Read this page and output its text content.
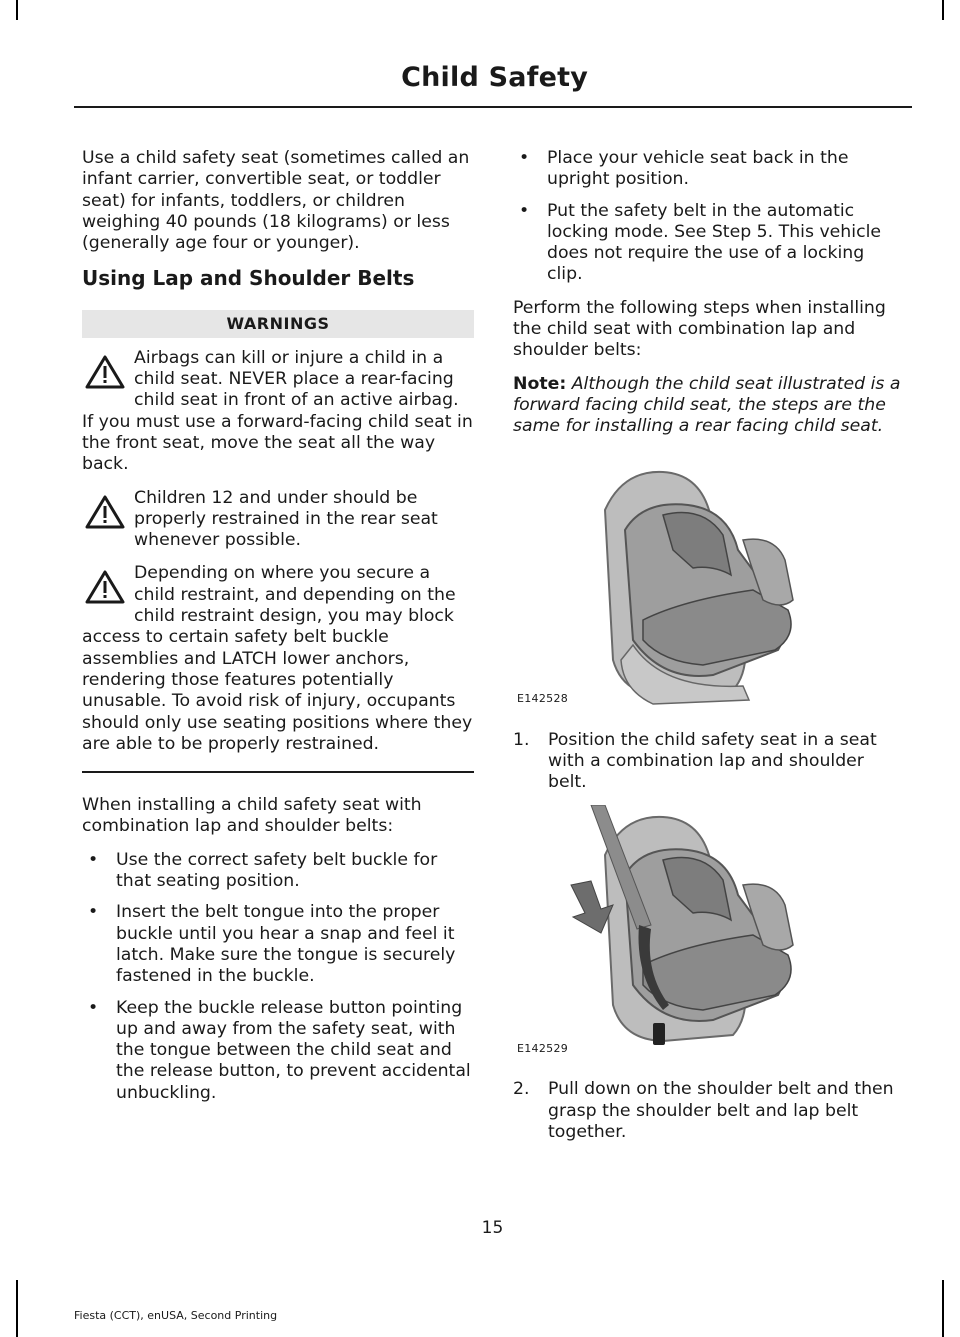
Child Safety

Use a child safety seat (sometimes called an infant carrier, convertible seat, or toddler seat) for infants, toddlers, or children weighing 40 pounds (18 kilograms) or less (generally age four or younger).

Using Lap and Shoulder Belts
WARNINGS
Airbags can kill or injure a child in a child seat. NEVER place a rear-facing child seat in front of an active airbag. If you must use a forward-facing child seat in the front seat, move the seat all the way back.
Children 12 and under should be properly restrained in the rear seat whenever possible.
Depending on where you secure a child restraint, and depending on the child restraint design, you may block access to certain safety belt buckle assemblies and LATCH lower anchors, rendering those features potentially unusable. To avoid risk of injury, occupants should only use seating positions where they are able to be properly restrained.

When installing a child safety seat with combination lap and shoulder belts:

• Use the correct safety belt buckle for that seating position.
• Insert the belt tongue into the proper buckle until you hear a snap and feel it latch. Make sure the tongue is securely fastened in the buckle.
• Keep the buckle release button pointing up and away from the safety seat, with the tongue between the child seat and the release button, to prevent accidental unbuckling.
• Place your vehicle seat back in the upright position.
• Put the safety belt in the automatic locking mode. See Step 5. This vehicle does not require the use of a locking clip.

Perform the following steps when installing the child seat with combination lap and shoulder belts:

Note: Although the child seat illustrated is a forward facing child seat, the steps are the same for installing a rear facing child seat.

E142528
1. Position the child safety seat in a seat with a combination lap and shoulder belt.
E142529
2. Pull down on the shoulder belt and then grasp the shoulder belt and lap belt together.
15
Fiesta (CCT), enUSA, Second Printing
